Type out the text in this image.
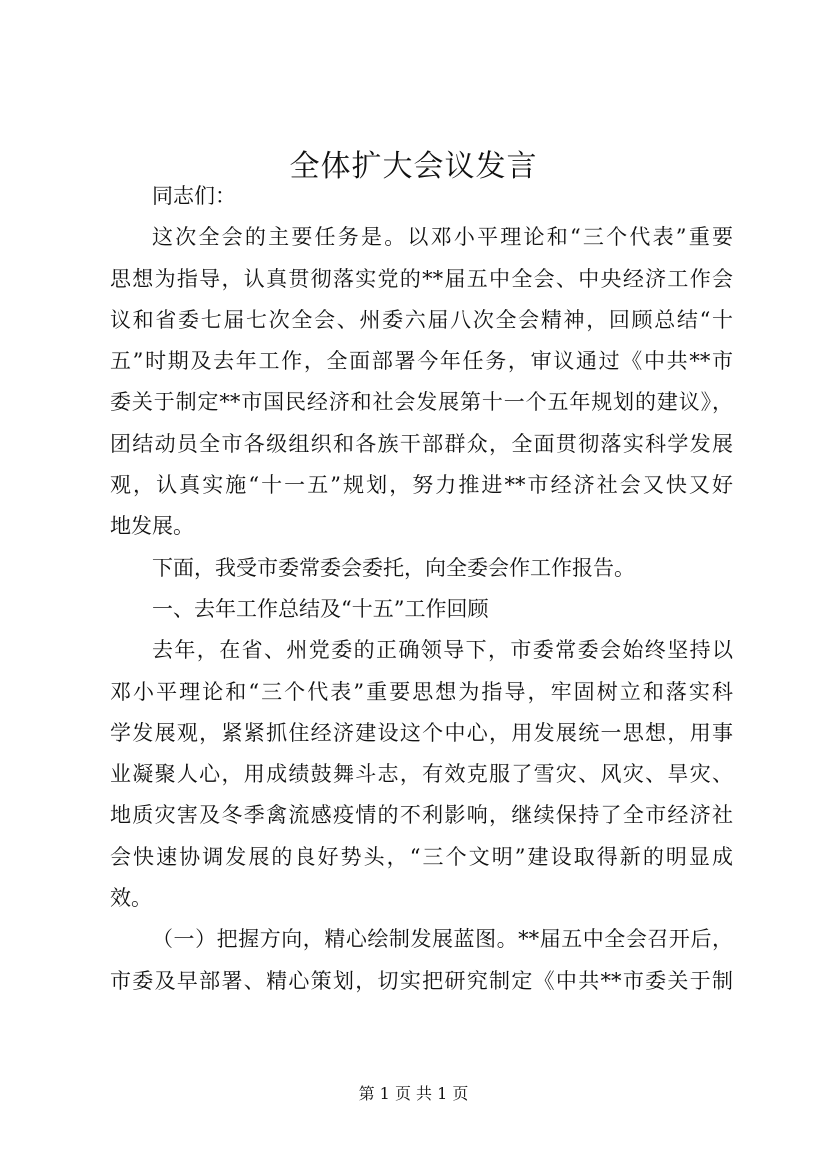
全体扩大会议发言

同志们：

这次全会的主要任务是。以邓小平理论和“三个代表”重要
思想为指导，认真贯彻落实党的**届五中全会、中央经济工作会
议和省委七届七次全会、州委六届八次全会精神，回顾总结“十
五”时期及去年工作，全面部署今年任务，审议通过《中共**市
委关于制定**市国民经济和社会发展第十一个五年规划的建议》，
团结动员全市各级组织和各族干部群众，全面贯彻落实科学发展
观，认真实施“十一五”规划，努力推进**市经济社会又快又好
地发展。

下面，我受市委常委会委托，向全委会作工作报告。

一、去年工作总结及“十五”工作回顾

去年，在省、州党委的正确领导下，市委常委会始终坚持以
邓小平理论和“三个代表”重要思想为指导，牢固树立和落实科
学发展观，紧紧抓住经济建设这个中心，用发展统一思想，用事
业凝聚人心，用成绩鼓舞斗志，有效克服了雪灾、风灾、旱灾、
地质灾害及冬季禽流感疫情的不利影响，继续保持了全市经济社
会快速协调发展的良好势头，“三个文明”建设取得新的明显成
效。

（一）把握方向，精心绘制发展蓝图。**届五中全会召开后，
市委及早部署、精心策划，切实把研究制定《中共**市委关于制

第 1 页 共 1 页
